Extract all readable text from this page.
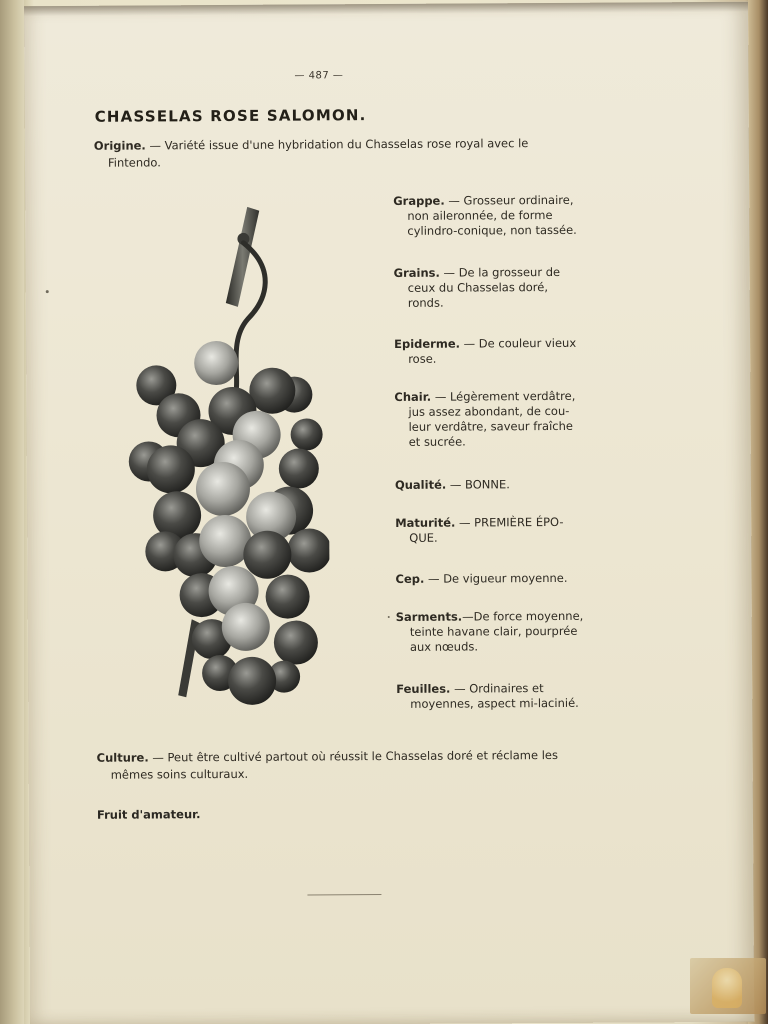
— 487 —
CHASSELAS ROSE SALOMON.
Origine. — Variété issue d'une hybridation du Chasselas rose royal avec le
Fintendo.
Grappe. — Grosseur ordinaire,
non aileronnée, de forme
cylindro-conique, non tassée.
Grains. — De la grosseur de
ceux du Chasselas doré,
ronds.
Epiderme. — De couleur vieux
rose.
Chair. — Légèrement verdâtre,
jus assez abondant, de cou-
leur verdâtre, saveur fraîche
et sucrée.
Qualité. — BONNE.
Maturité. — PREMIÈRE ÉPO-
QUE.
Cep. — De vigueur moyenne.
Sarments.—De force moyenne,
teinte havane clair, pourprée
aux nœuds.
Feuilles. — Ordinaires et
moyennes, aspect mi-lacinié.
Culture. — Peut être cultivé partout où réussit le Chasselas doré et réclame les
mêmes soins culturaux.
Fruit d'amateur.
